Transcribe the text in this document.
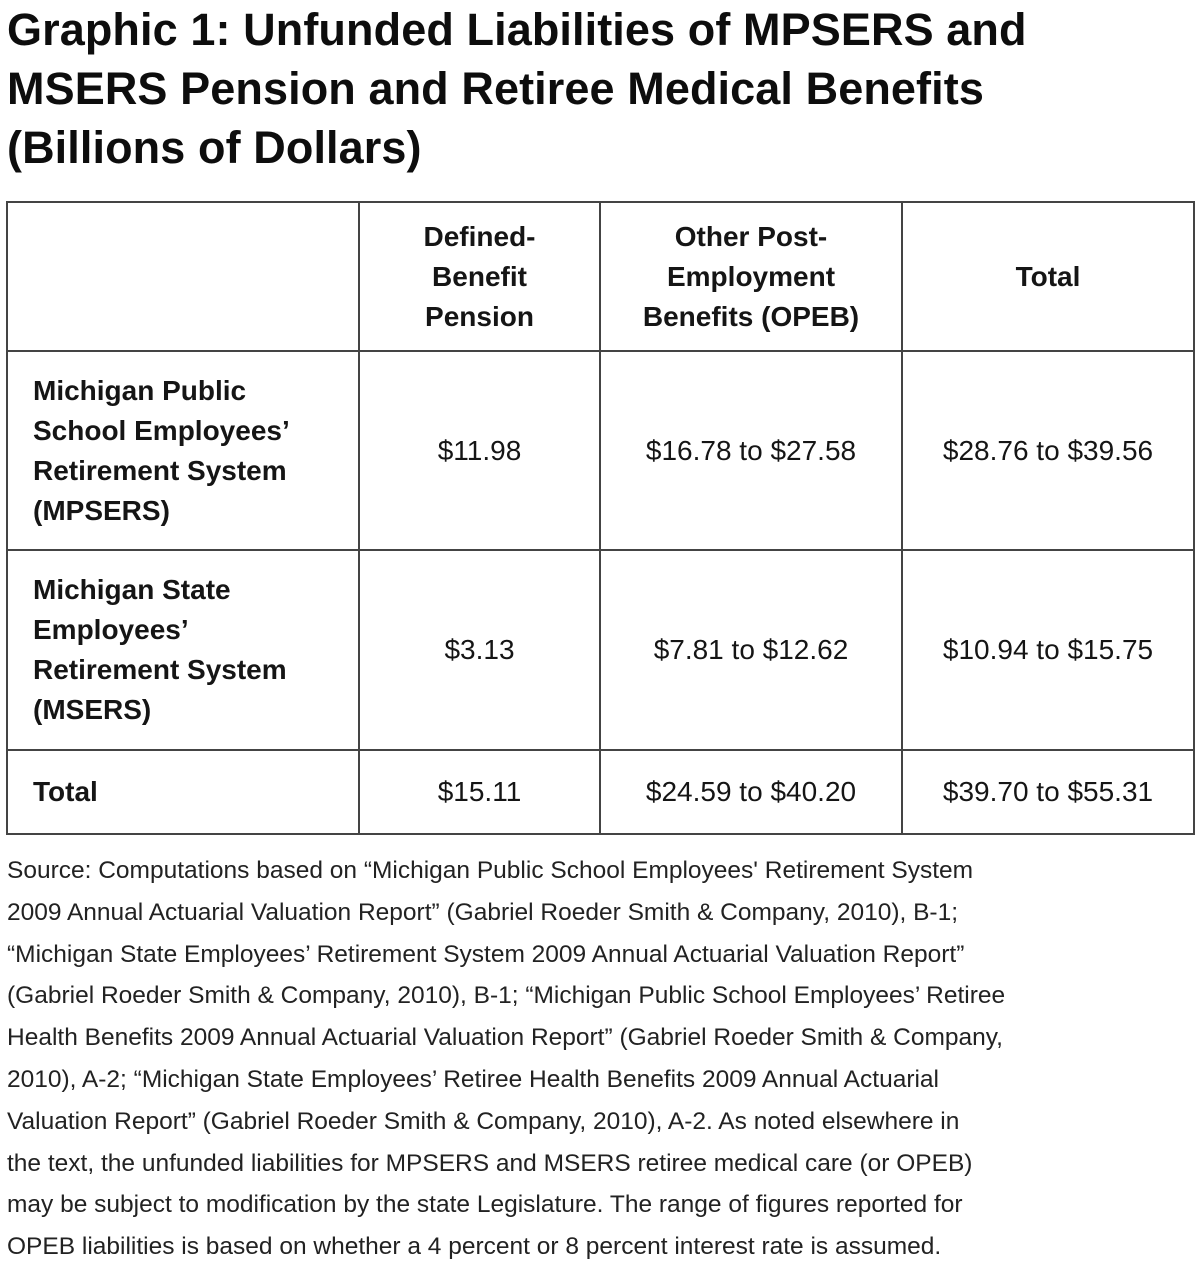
Graphic 1: Unfunded Liabilities of MPSERS and
MSERS Pension and Retiree Medical Benefits
(Billions of Dollars)

	Defined-
Benefit
Pension	Other Post-
Employment
Benefits (OPEB)	Total

Michigan Public
School Employees’
Retirement System
(MPSERS)	$11.98	$16.78 to $27.58	$28.76 to $39.56

Michigan State
Employees’
Retirement System
(MSERS)	$3.13	$7.81 to $12.62	$10.94 to $15.75

Total	$15.11	$24.59 to $40.20	$39.70 to $55.31
Source: Computations based on “Michigan Public School Employees' Retirement System
2009 Annual Actuarial Valuation Report” (Gabriel Roeder Smith & Company, 2010), B-1;
“Michigan State Employees’ Retirement System 2009 Annual Actuarial Valuation Report”
(Gabriel Roeder Smith & Company, 2010), B-1; “Michigan Public School Employees’ Retiree
Health Benefits 2009 Annual Actuarial Valuation Report” (Gabriel Roeder Smith & Company,
2010), A-2; “Michigan State Employees’ Retiree Health Benefits 2009 Annual Actuarial
Valuation Report” (Gabriel Roeder Smith & Company, 2010), A-2. As noted elsewhere in
the text, the unfunded liabilities for MPSERS and MSERS retiree medical care (or OPEB)
may be subject to modification by the state Legislature. The range of figures reported for
OPEB liabilities is based on whether a 4 percent or 8 percent interest rate is assumed.
